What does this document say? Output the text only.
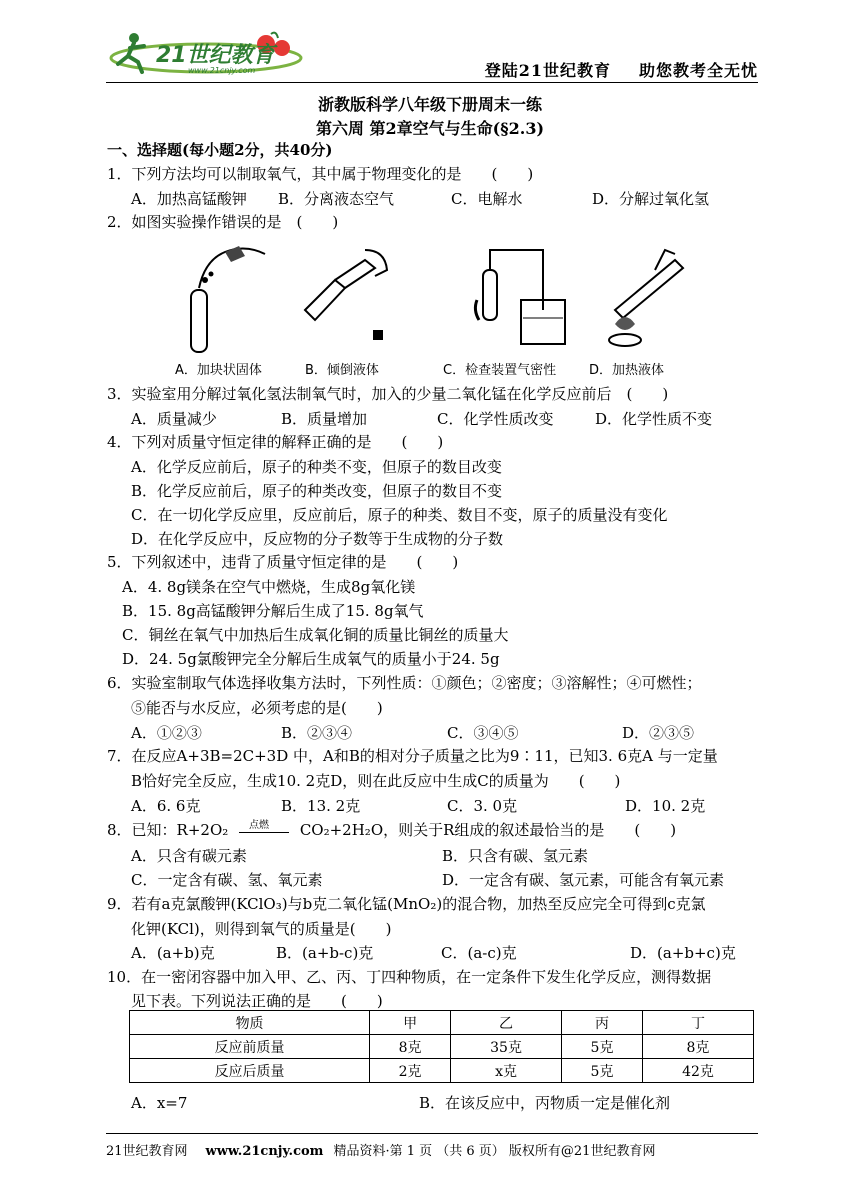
21世纪教育
www.21cnjy.com	登陆21世纪教育 助您教考全无忧
浙教版科学八年级下册周末一练
第六周 第2章空气与生命(§2.3)
一、选择题(每小题2分，共40分)
1．下列方法均可以制取氧气，其中属于物理变化的是　　(　　)
A．加热高锰酸钾 B．分离液态空气	C．电解水	D．分解过氧化氢
2．如图实验操作错误的是　(　　)
A．加块状固体	B．倾倒液体	C．检查装置气密性	D．加热液体
3．实验室用分解过氧化氢法制氧气时，加入的少量二氧化锰在化学反应前后　(　　)
A．质量减少	B．质量增加	C．化学性质改变	D．化学性质不变
4．下列对质量守恒定律的解释正确的是　　(　　)
A．化学反应前后，原子的种类不变，但原子的数目改变
B．化学反应前后，原子的种类改变，但原子的数目不变
C．在一切化学反应里，反应前后，原子的种类、数目不变，原子的质量没有变化
D．在化学反应中，反应物的分子数等于生成物的分子数
5．下列叙述中，违背了质量守恒定律的是　　(　　)
A．4. 8g镁条在空气中燃烧，生成8g氧化镁
B．15. 8g高锰酸钾分解后生成了15. 8g氧气
C．铜丝在氧气中加热后生成氧化铜的质量比铜丝的质量大
D．24. 5g氯酸钾完全分解后生成氧气的质量小于24. 5g
6．实验室制取气体选择收集方法时，下列性质：①颜色；②密度；③溶解性；④可燃性；
⑤能否与水反应，必须考虑的是(　　)
A．①②③	B．②③④	C．③④⑤	D．②③⑤
7．在反应A+3B=2C+3D 中，A和B的相对分子质量之比为9∶11，已知3. 6克A 与一定量
B恰好完全反应，生成10. 2克D，则在此反应中生成C的质量为　　(　　)
A．6. 6克	B．13. 2克	C．3. 0克	D．10. 2克
8．已知：R+2O₂ 点燃 CO₂+2H₂O，则关于R组成的叙述最恰当的是　　(　　)
A．只含有碳元素	B．只含有碳、氢元素
C．一定含有碳、氢、氧元素	D．一定含有碳、氢元素，可能含有氧元素
9．若有a克氯酸钾(KClO₃)与b克二氧化锰(MnO₂)的混合物，加热至反应完全可得到c克氯
化钾(KCl)，则得到氧气的质量是(　　)
A．(a+b)克	B．(a+b-c)克	C．(a-c)克	D．(a+b+c)克
10．在一密闭容器中加入甲、乙、丙、丁四种物质，在一定条件下发生化学反应，测得数据
见下表。下列说法正确的是　　(　　)
物质	甲	乙	丙	丁
反应前质量	8克	35克	5克	8克
反应后质量	2克	x克	5克	42克
A．x=7	B．在该反应中，丙物质一定是催化剂
21世纪教育网 www.21cnjy.com 精品资料·第 1 页 （共 6 页） 版权所有@21世纪教育网
